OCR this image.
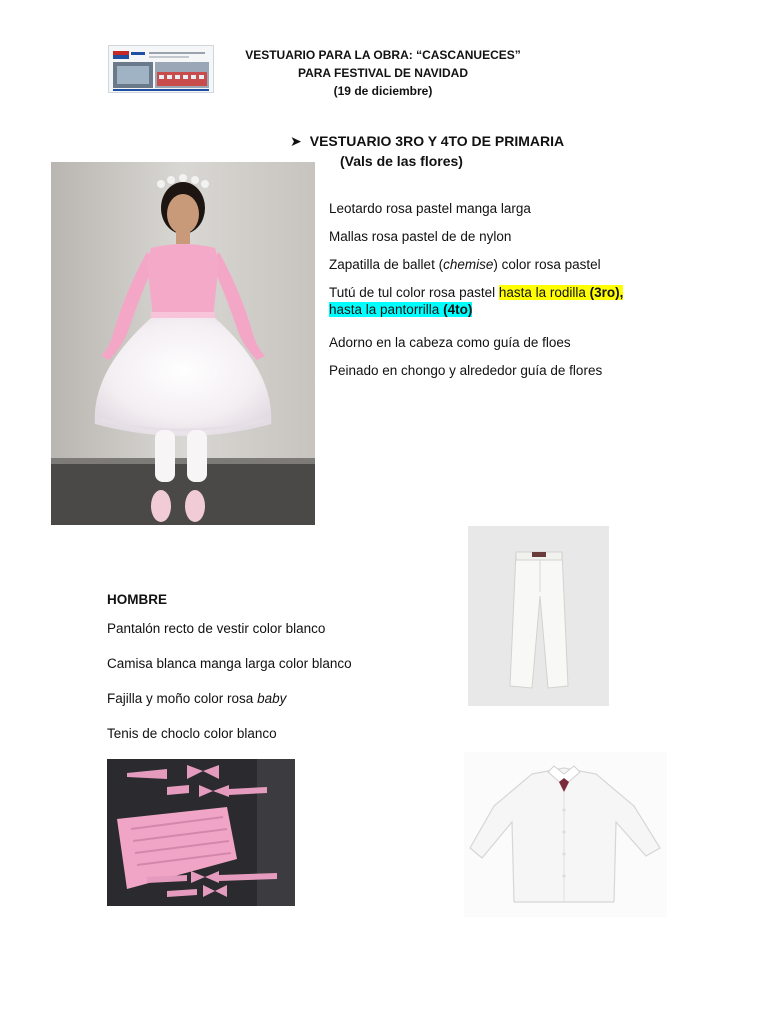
VESTUARIO PARA LA OBRA: “CASCANUECES”
PARA FESTIVAL DE NAVIDAD
(19 de diciembre)
➤ VESTUARIO 3RO Y 4TO DE PRIMARIA
(Vals de las flores)
Leotardo rosa pastel manga larga
Mallas rosa pastel de de nylon
Zapatilla de ballet (chemise) color rosa pastel
Tutú de tul color rosa pastel hasta la rodilla (3ro),
hasta la pantorrilla (4to)
Adorno en la cabeza como guía de floes
Peinado en chongo y alrededor guía de flores
HOMBRE
Pantalón recto de vestir color blanco
Camisa blanca manga larga color blanco
Fajilla y moño color rosa baby
Tenis de choclo color blanco
